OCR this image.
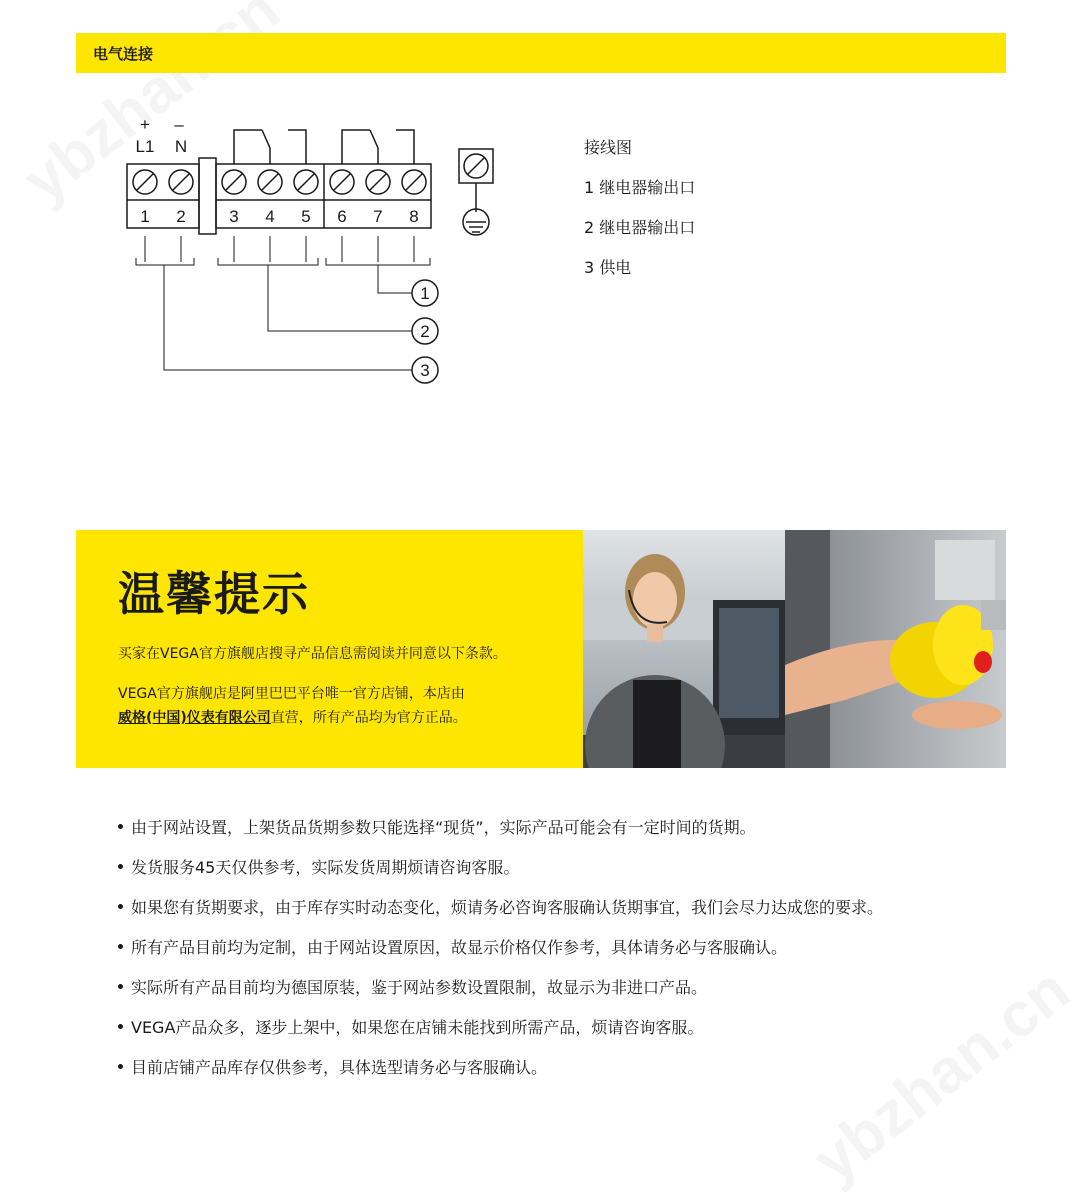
电气连接
+ –
L1 N
1 2	3 4 5 6 7 8
1
2
3
接线图
1 继电器输出口
2 继电器输出口
3 供电
温馨提示

买家在VEGA官方旗舰店搜寻产品信息需阅读并同意以下条款。

VEGA官方旗舰店是阿里巴巴平台唯一官方店铺，本店由

威格(中国)仪表有限公司直营，所有产品均为官方正品。

由于网站设置，上架货品货期参数只能选择“现货”，实际产品可能会有一定时间的货期。
发货服务45天仅供参考，实际发货周期烦请咨询客服。
如果您有货期要求，由于库存实时动态变化，烦请务必咨询客服确认货期事宜，我们会尽力达成您的要求。
所有产品目前均为定制，由于网站设置原因，故显示价格仅作参考，具体请务必与客服确认。
实际所有产品目前均为德国原装，鉴于网站参数设置限制，故显示为非进口产品。
VEGA产品众多，逐步上架中，如果您在店铺未能找到所需产品，烦请咨询客服。
目前店铺产品库存仅供参考，具体选型请务必与客服确认。
